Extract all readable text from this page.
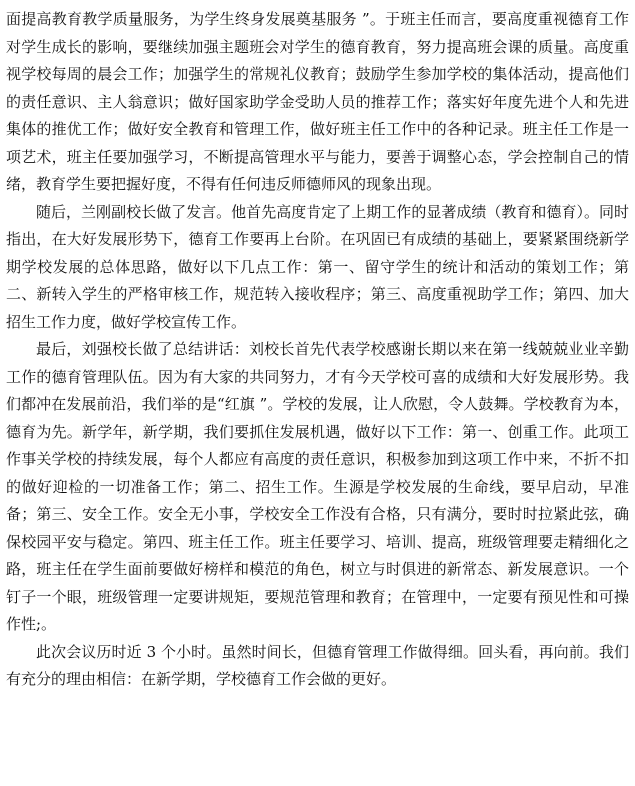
面提高教育教学质量服务，为学生终身发展奠基服务 ”。于班主任而言，要高度重视德育工作对学生成长的影响，要继续加强主题班会对学生的德育教育，努力提高班会课的质量。高度重视学校每周的晨会工作；加强学生的常规礼仪教育；鼓励学生参加学校的集体活动，提高他们的责任意识、主人翁意识；做好国家助学金受助人员的推荐工作；落实好年度先进个人和先进集体的推优工作；做好安全教育和管理工作，做好班主任工作中的各种记录。班主任工作是一项艺术，班主任要加强学习，不断提高管理水平与能力，要善于调整心态，学会控制自己的情绪，教育学生要把握好度，不得有任何违反师德师风的现象出现。

随后，兰刚副校长做了发言。他首先高度肯定了上期工作的显著成绩（教育和德育）。同时指出，在大好发展形势下，德育工作要再上台阶。在巩固已有成绩的基础上，要紧紧围绕新学期学校发展的总体思路，做好以下几点工作：第一、留守学生的统计和活动的策划工作；第二、新转入学生的严格审核工作，规范转入接收程序；第三、高度重视助学工作；第四、加大招生工作力度，做好学校宣传工作。

最后，刘强校长做了总结讲话：刘校长首先代表学校感谢长期以来在第一线兢兢业业辛勤工作的德育管理队伍。因为有大家的共同努力，才有今天学校可喜的成绩和大好发展形势。我们都冲在发展前沿，我们举的是“红旗 ”。学校的发展，让人欣慰，令人鼓舞。学校教育为本，德育为先。新学年，新学期，我们要抓住发展机遇，做好以下工作：第一、创重工作。此项工作事关学校的持续发展，每个人都应有高度的责任意识，积极参加到这项工作中来，不折不扣的做好迎检的一切准备工作；第二、招生工作。生源是学校发展的生命线，要早启动，早准备；第三、安全工作。安全无小事，学校安全工作没有合格，只有满分，要时时拉紧此弦，确保校园平安与稳定。第四、班主任工作。班主任要学习、培训、提高，班级管理要走精细化之路，班主任在学生面前要做好榜样和模范的角色，树立与时俱进的新常态、新发展意识。一个钉子一个眼，班级管理一定要讲规矩，要规范管理和教育；在管理中，一定要有预见性和可操作性;。

此次会议历时近 3 个小时。虽然时间长，但德育管理工作做得细。回头看，再向前。我们有充分的理由相信：在新学期，学校德育工作会做的更好。
